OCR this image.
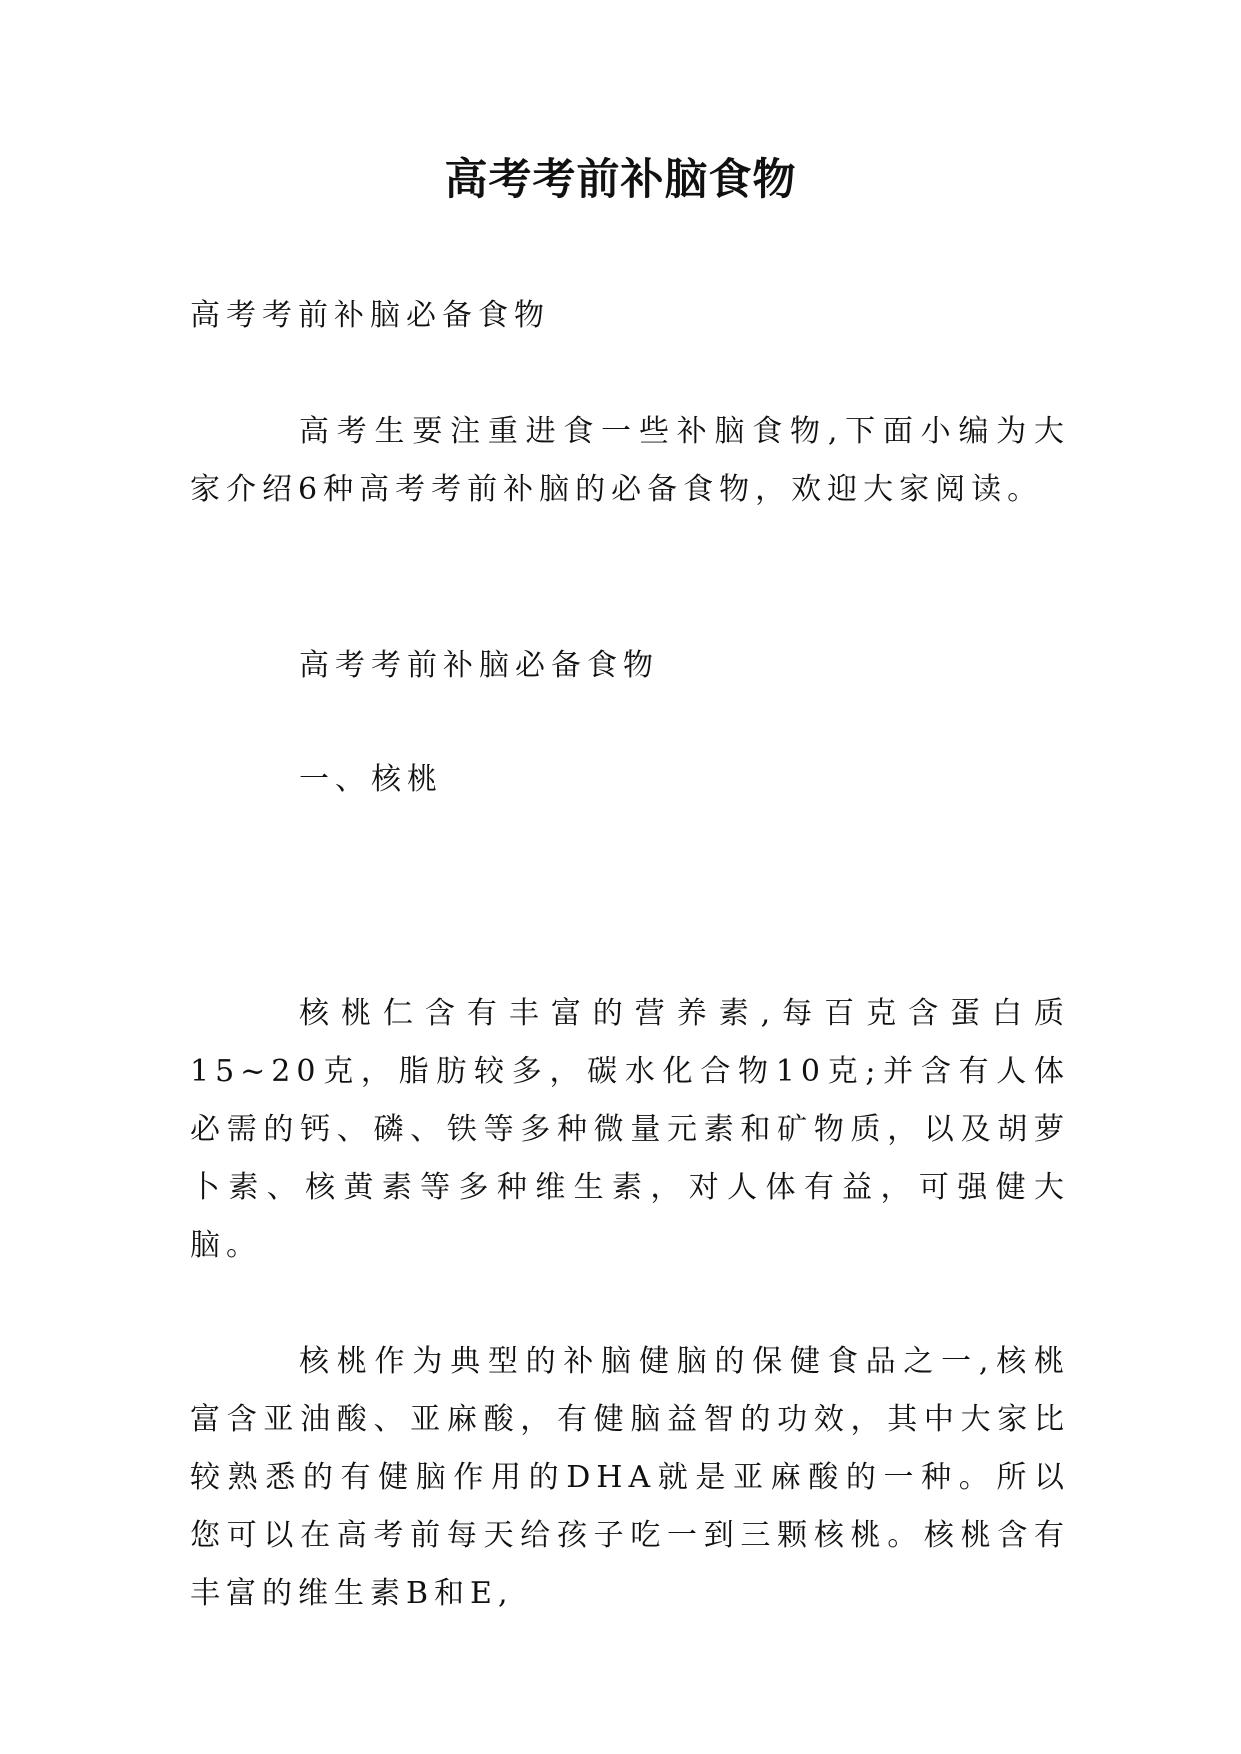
高考考前补脑食物

高考考前补脑必备食物

高考生要注重进食一些补脑食物,下面小编为大家介绍6种高考考前补脑的必备食物，欢迎大家阅读。

高考考前补脑必备食物

一、核桃

核桃仁含有丰富的营养素,每百克含蛋白质15~20克，脂肪较多，碳水化合物10克;并含有人体必需的钙、磷、铁等多种微量元素和矿物质，以及胡萝卜素、核黄素等多种维生素，对人体有益，可强健大脑。

核桃作为典型的补脑健脑的保健食品之一,核桃富含亚油酸、亚麻酸，有健脑益智的功效，其中大家比较熟悉的有健脑作用的DHA就是亚麻酸的一种。所以您可以在高考前每天给孩子吃一到三颗核桃。核桃含有丰富的维生素B和E,
